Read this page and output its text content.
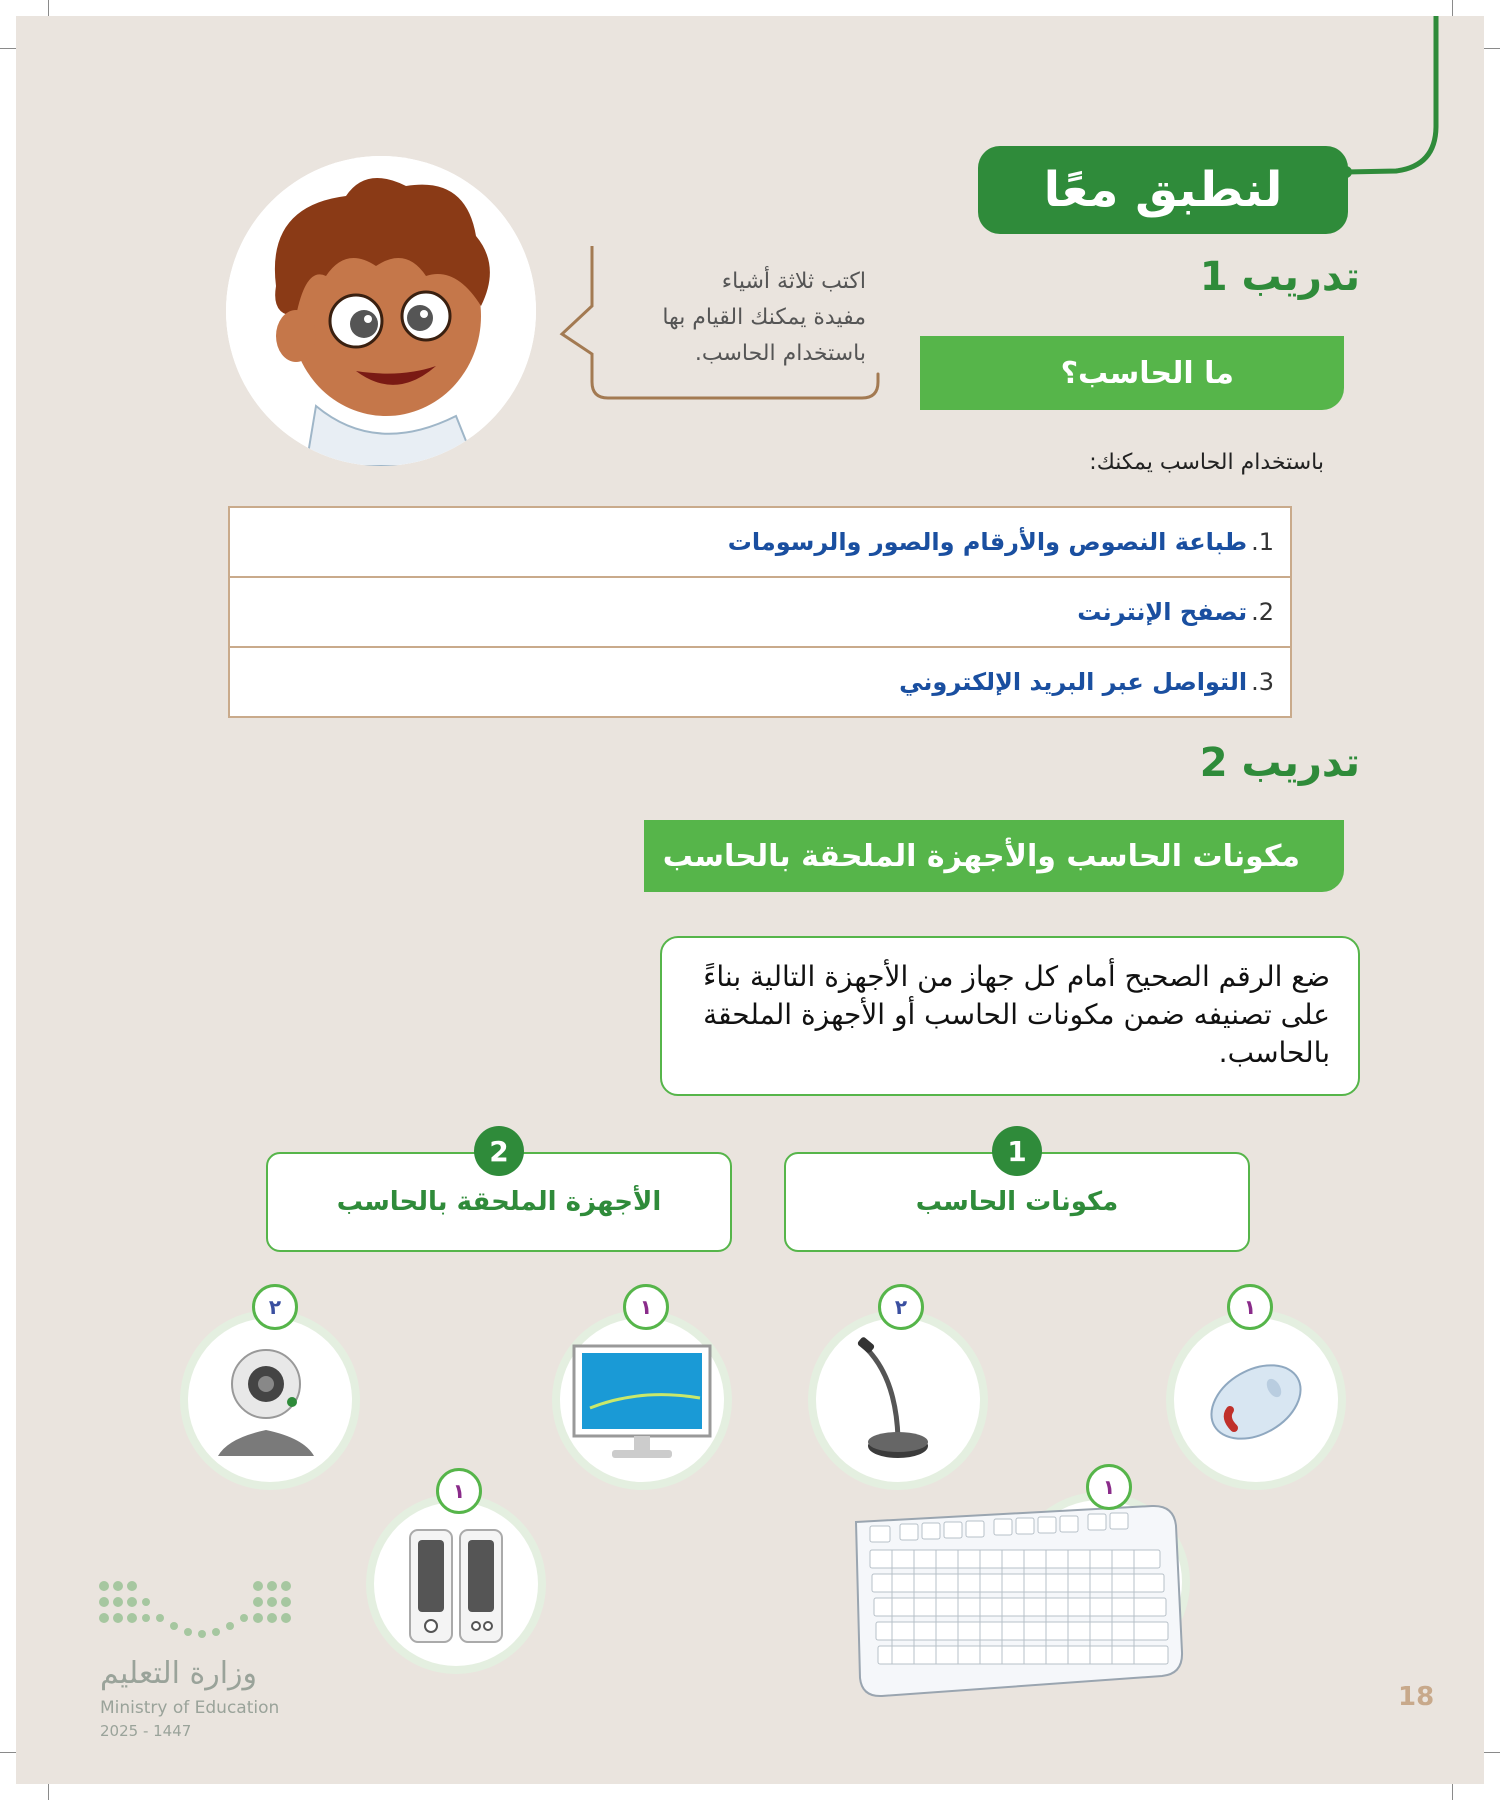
لنطبق معًا
تدريب 1
ما الحاسب؟
باستخدام الحاسب يمكنك:
1.
طباعة النصوص والأرقام والصور والرسومات
2.
تصفح الإنترنت
3.
التواصل عبر البريد الإلكتروني
اكتب ثلاثة أشياء
مفيدة يمكنك القيام بها
باستخدام الحاسب.
تدريب 2
مكونات الحاسب والأجهزة الملحقة بالحاسب
ضع الرقم الصحيح أمام كل جهاز من الأجهزة التالية بناءً على تصنيفه ضمن مكونات الحاسب أو الأجهزة الملحقة بالحاسب.
مكونات الحاسب
1
الأجهزة الملحقة بالحاسب
2
١
٢
١
٢
١	١
وزارة التعليم
Ministry of Education
2025 - 1447
18
